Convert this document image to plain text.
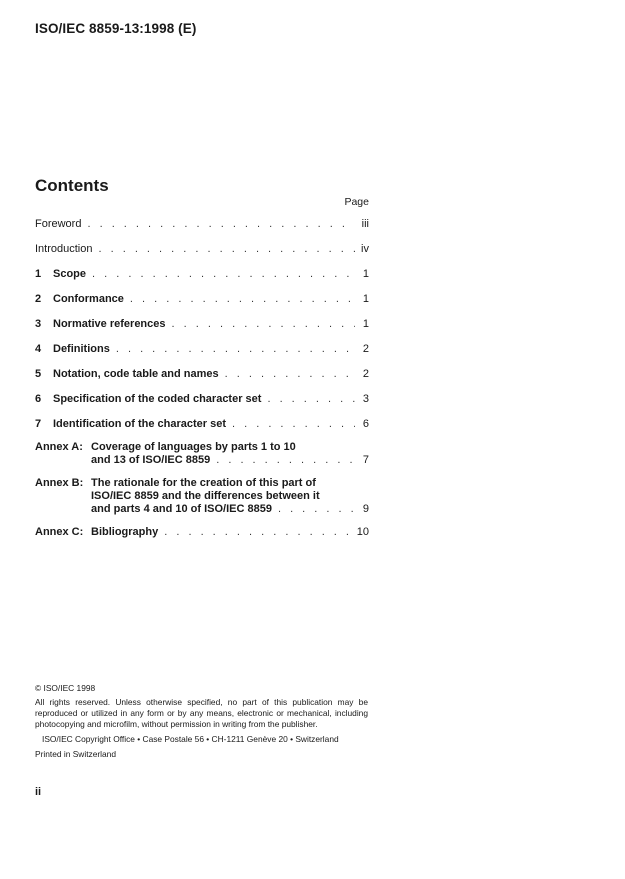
ISO/IEC 8859-13:1998 (E)
Contents
Page
Foreword . . .	iii
Introduction . . .	iv
1 Scope . . .	1
2 Conformance . . .	1
3 Normative references . . .	1
4 Definitions . . .	2
5 Notation, code table and names . . .	2
6 Specification of the coded character set . . .	3
7 Identification of the character set . . .	6
Annex A: Coverage of languages by parts 1 to 10
and 13 of ISO/IEC 8859 . . .	7
Annex B: The rationale for the creation of this part of
ISO/IEC 8859 and the differences between it
and parts 4 and 10 of ISO/IEC 8859 . . .	9
Annex C: Bibliography . . .	10
© ISO/IEC 1998
All rights reserved. Unless otherwise specified, no part of this publication may be reproduced or utilized in any form or by any means, electronic or mechanical, including photocopying and microfilm, without permission in writing from the publisher.
ISO/IEC Copyright Office • Case Postale 56 • CH-1211 Genève 20 • Switzerland
Printed in Switzerland
ii
